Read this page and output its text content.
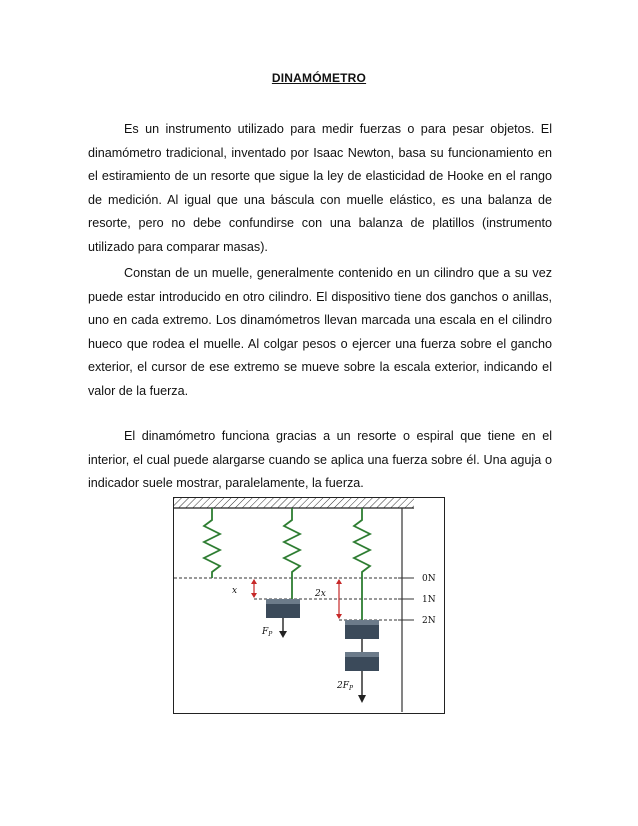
DINAMÓMETRO
Es un instrumento utilizado para medir fuerzas o para pesar objetos. El dinamómetro tradicional, inventado por Isaac Newton, basa su funcionamiento en el estiramiento de un resorte que sigue la ley de elasticidad de Hooke en el rango de medición. Al igual que una báscula con muelle elástico, es una balanza de resorte, pero no debe confundirse con una balanza de platillos (instrumento utilizado para comparar masas).
Constan de un muelle, generalmente contenido en un cilindro que a su vez puede estar introducido en otro cilindro. El dispositivo tiene dos ganchos o anillas, uno en cada extremo. Los dinamómetros llevan marcada una escala en el cilindro hueco que rodea el muelle. Al colgar pesos o ejercer una fuerza sobre el gancho exterior, el cursor de ese extremo se mueve sobre la escala exterior, indicando el valor de la fuerza.
El dinamómetro funciona gracias a un resorte o espiral que tiene en el interior, el cual puede alargarse cuando se aplica una fuerza sobre él. Una aguja o indicador suele mostrar, paralelamente, la fuerza.
0N
1N
2N
x	2x
$F_P$
$2F_P$
